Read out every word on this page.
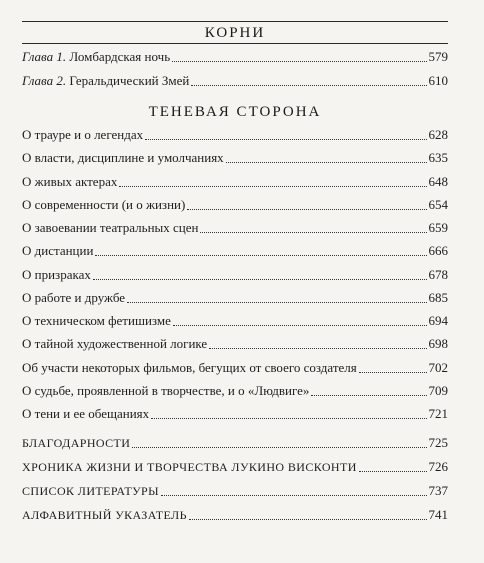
КОРНИ
Глава 1. Ломбардская ночь	579
Глава 2. Геральдический Змей	610
ТЕНЕВАЯ СТОРОНА
О трауре и о легендах	628
О власти, дисциплине и умолчаниях	635
О живых актерах	648
О современности (и о жизни)	654
О завоевании театральных сцен	659
О дистанции	666
О призраках	678
О работе и дружбе	685
О техническом фетишизме	694
О тайной художественной логике	698
Об участи некоторых фильмов, бегущих от своего создателя	702
О судьбе, проявленной в творчестве, и о «Людвиге»	709
О тени и ее обещаниях	721
БЛАГОДАРНОСТИ	725
ХРОНИКА ЖИЗНИ И ТВОРЧЕСТВА ЛУКИНО ВИСКОНТИ	726
СПИСОК ЛИТЕРАТУРЫ	737
АЛФАВИТНЫЙ УКАЗАТЕЛЬ	741
